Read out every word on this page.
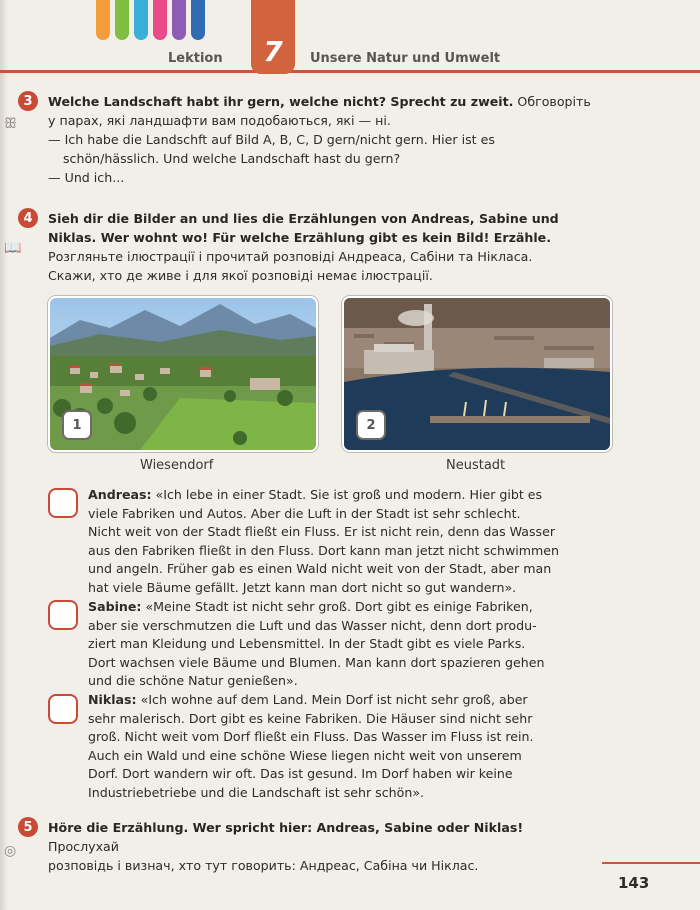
Lektion 7 Unsere Natur und Umwelt
3
ꕥ

Welche Landschaft habt ihr gern, welche nicht? Sprecht zu zweit. Обговоріть

у парах, які ландшафти вам подобаються, які — ні.

— Ich habe die Landschft auf Bild A, B, C, D gern/nicht gern. Hier ist es

schön/hässlich. Und welche Landschaft hast du gern?

— Und ich...

4
📖

Sieh dir die Bilder an und lies die Erzählungen von Andreas, Sabine und

Niklas. Wer wohnt wo! Für welche Erzählung gibt es kein Bild! Erzähle.

Розгляньте ілюстрації і прочитай розповіді Андреаса, Сабіни та Нікласа.

Скажи, хто де живе і для якої розповіді немає ілюстрації.

1	2
Wiesendorf	Neustadt

Andreas: «Ich lebe in einer Stadt. Sie ist groß und modern. Hier gibt es

viele Fabriken und Autos. Aber die Luft in der Stadt ist sehr schlecht.

Nicht weit von der Stadt fließt ein Fluss. Er ist nicht rein, denn das Wasser

aus den Fabriken fließt in den Fluss. Dort kann man jetzt nicht schwimmen

und angeln. Früher gab es einen Wald nicht weit von der Stadt, aber man

hat viele Bäume gefällt. Jetzt kann man dort nicht so gut wandern».

Sabine: «Meine Stadt ist nicht sehr groß. Dort gibt es einige Fabriken,

aber sie verschmutzen die Luft und das Wasser nicht, denn dort produ-

ziert man Kleidung und Lebensmittel. In der Stadt gibt es viele Parks.

Dort wachsen viele Bäume und Blumen. Man kann dort spazieren gehen

und die schöne Natur genießen».

Niklas: «Ich wohne auf dem Land. Mein Dorf ist nicht sehr groß, aber

sehr malerisch. Dort gibt es keine Fabriken. Die Häuser sind nicht sehr

groß. Nicht weit vom Dorf fließt ein Fluss. Das Wasser im Fluss ist rein.

Auch ein Wald und eine schöne Wiese liegen nicht weit von unserem

Dorf. Dort wandern wir oft. Das ist gesund. Im Dorf haben wir keine

Industriebetriebe und die Landschaft ist sehr schön».

5
◎

Höre die Erzählung. Wer spricht hier: Andreas, Sabine oder Niklas! Прослухай

розповідь і визнач, хто тут говорить: Андреас, Сабіна чи Ніклас.

143
